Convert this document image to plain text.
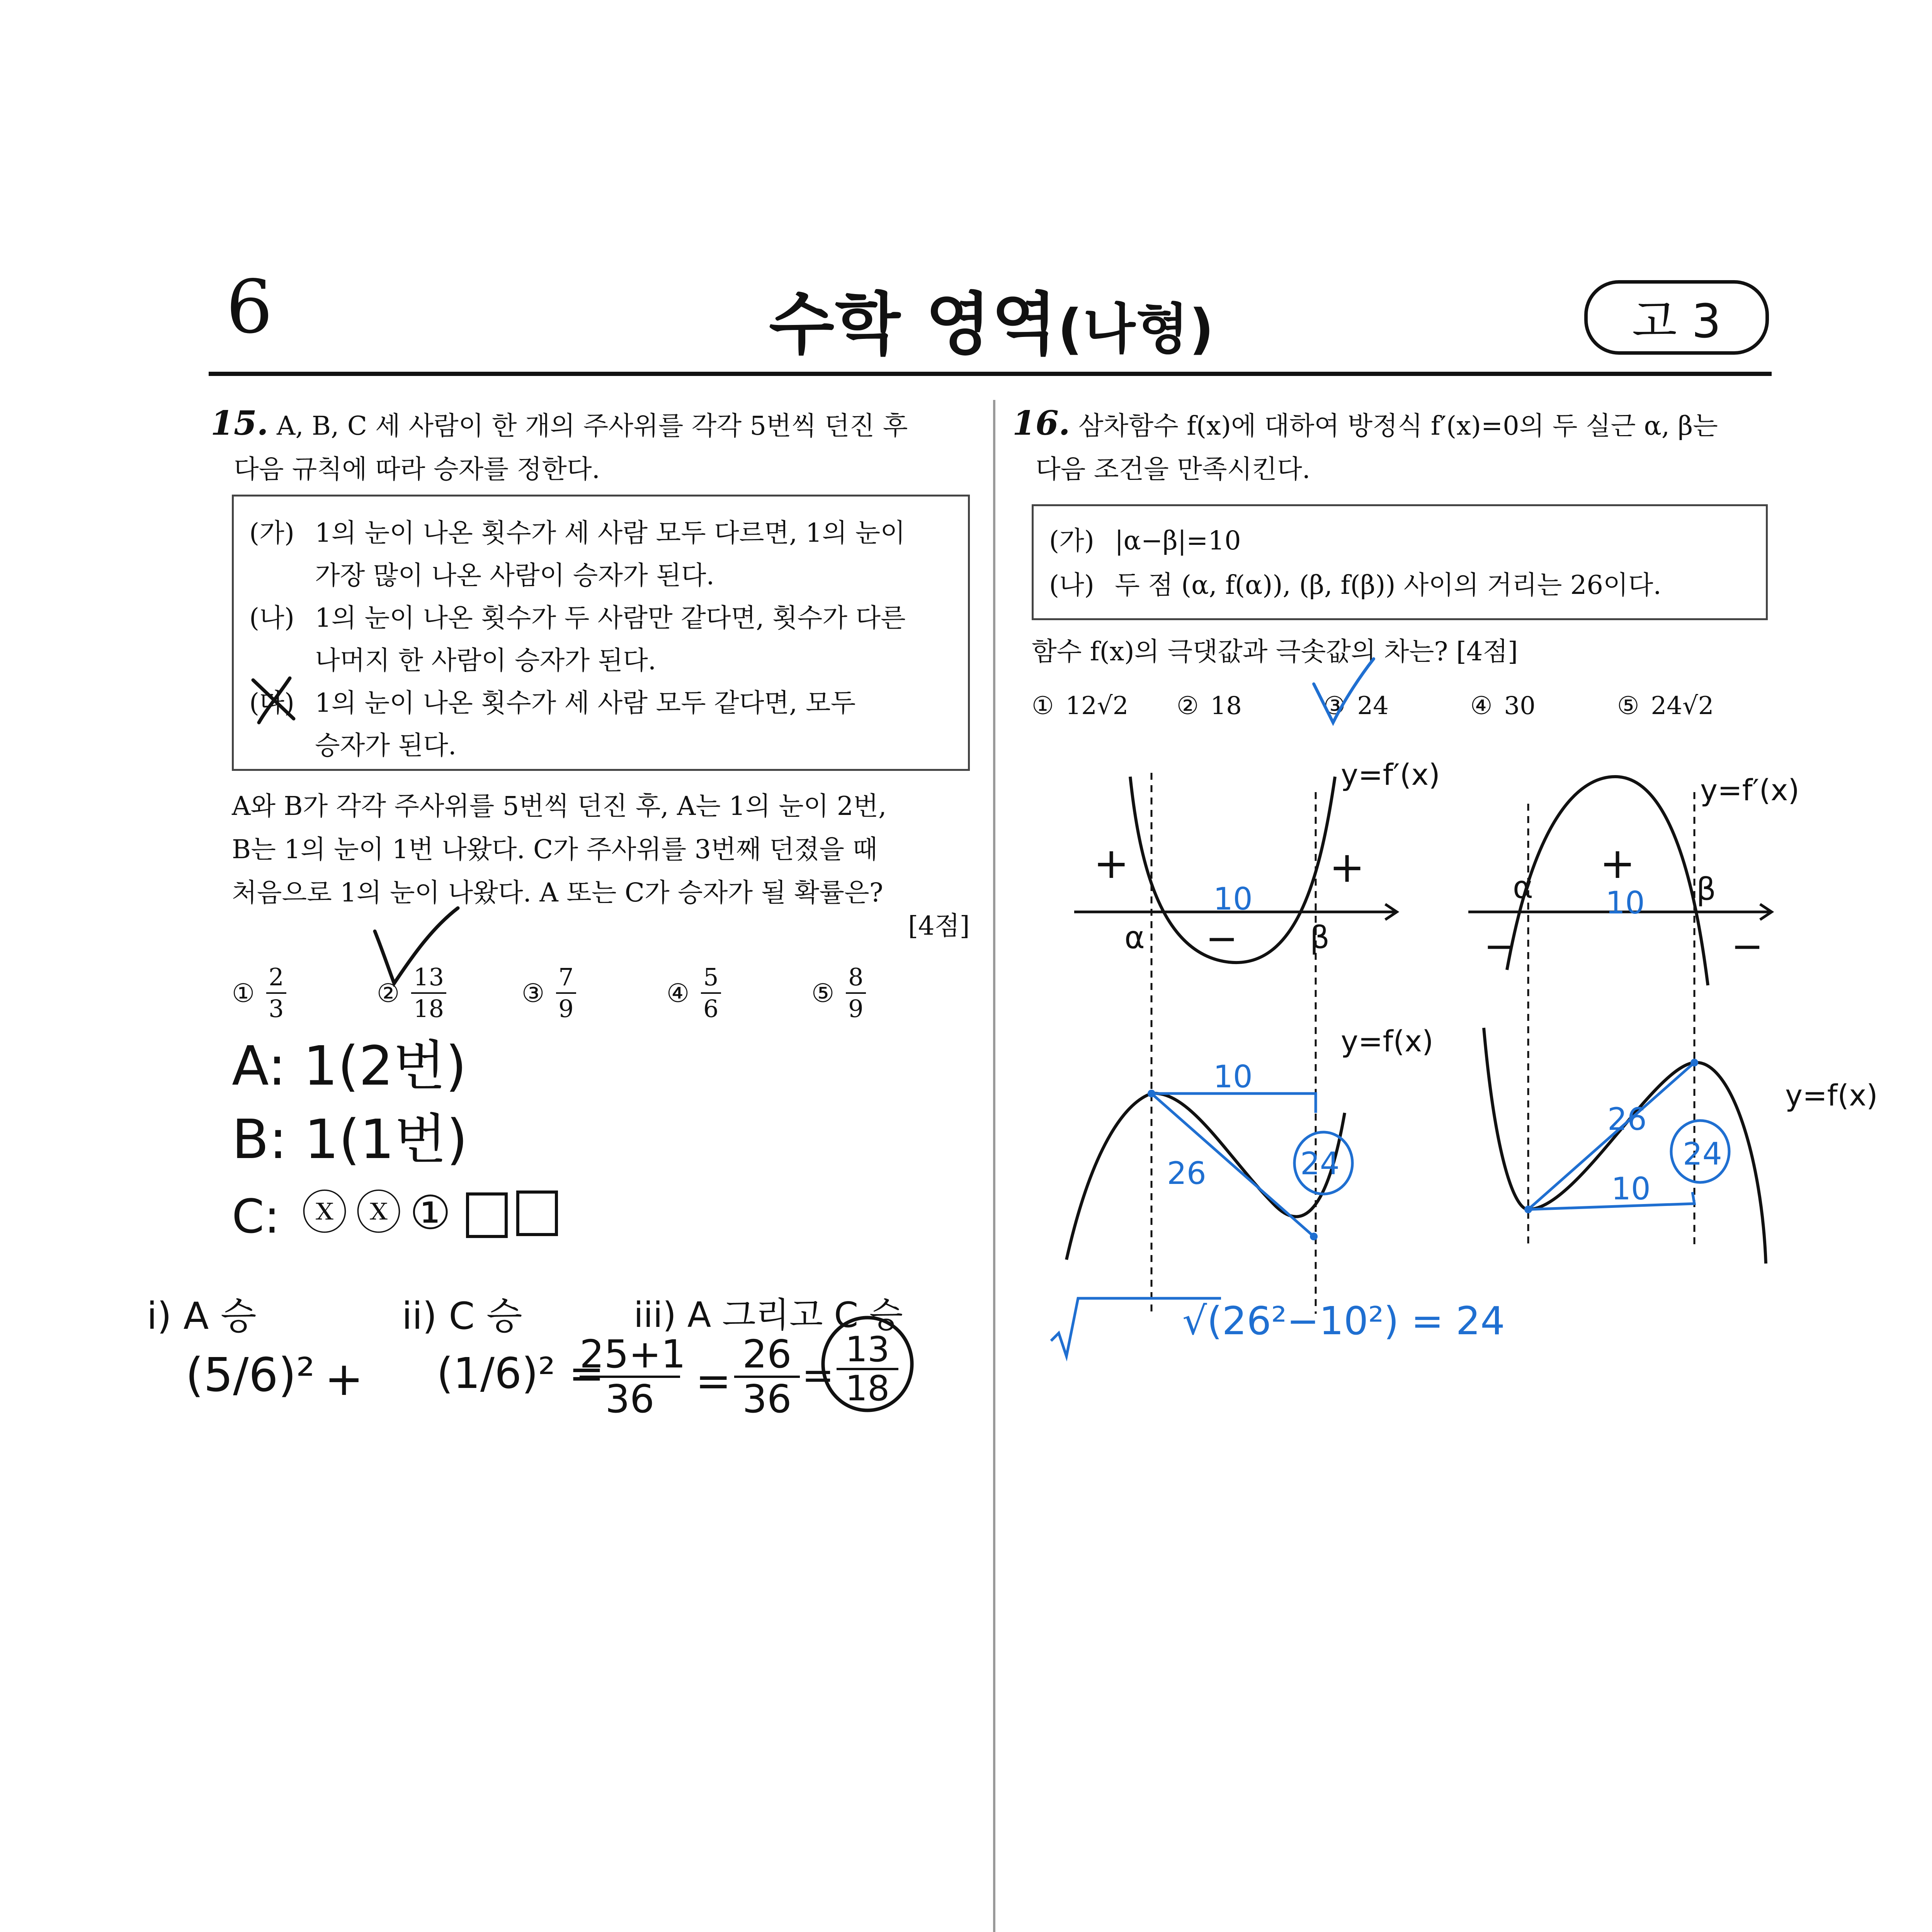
6	수학 영역(나형)	고 3
15. A, B, C 세 사람이 한 개의 주사위를 각각 5번씩 던진 후
다음 규칙에 따라 승자를 정한다.
(가) 1의 눈이 나온 횟수가 세 사람 모두 다르면, 1의 눈이
가장 많이 나온 사람이 승자가 된다.
(나) 1의 눈이 나온 횟수가 두 사람만 같다면, 횟수가 다른
나머지 한 사람이 승자가 된다.
(다) 1의 눈이 나온 횟수가 세 사람 모두 같다면, 모두
승자가 된다.
A와 B가 각각 주사위를 5번씩 던진 후, A는 1의 눈이 2번,
B는 1의 눈이 1번 나왔다. C가 주사위를 3번째 던졌을 때
처음으로 1의 눈이 나왔다. A 또는 C가 승자가 될 확률은?
[4점]
① $\frac{2}{3}$	② $\frac{13}{18}$	③ $\frac{7}{9}$	④ $\frac{5}{6}$	⑤ $\frac{8}{9}$
A: 1(2번)
B: 1(1번)
C: ⓧ ⓧ ①
i) A 승	ii) C 승	iii) A 그리고 C 승
(5/6)² + (1/6)² =
25+1
36 =
26
36
=
13
18
16. 삼차함수 f(x)에 대하여 방정식 f′(x)=0의 두 실근 α, β는
다음 조건을 만족시킨다.
(가) |α−β|=10
(나) 두 점 (α, f(α)), (β, f(β)) 사이의 거리는 26이다.
함수 f(x)의 극댓값과 극솟값의 차는? [4점]
① 12√2 ② 18	③ 24	④ 30	⑤ 24√2
y=f′(x)
y=f(x)
+	+
−
α	β
10
10
26	24
√(26²−10²) = 24
y=f′(x)
y=f(x)
+
−	−
α	β
10
10
26
24
